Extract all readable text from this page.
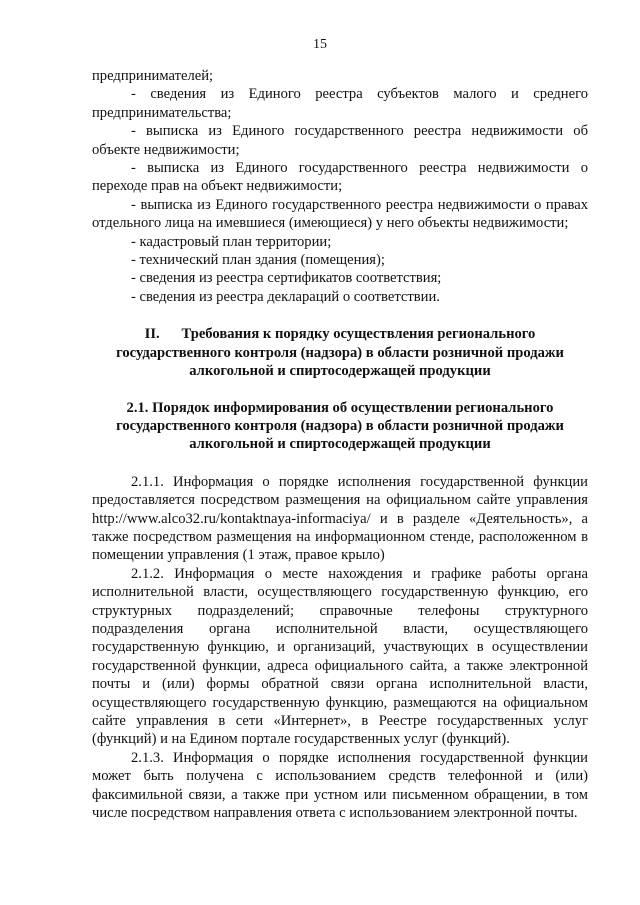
15

предпринимателей;

- сведения из Единого реестра субъектов малого и среднего предпринимательства;

- выписка из Единого государственного реестра недвижимости об объекте недвижимости;

- выписка из Единого государственного реестра недвижимости о переходе прав на объект недвижимости;

- выписка из Единого государственного реестра недвижимости о правах отдельного лица на имевшиеся (имеющиеся) у него объекты недвижимости;

- кадастровый план территории;

- технический план здания (помещения);

- сведения из реестра сертификатов соответствия;

- сведения из реестра деклараций о соответствии.

II.      Требования к порядку осуществления регионального государственного контроля (надзора) в области розничной продажи алкогольной и спиртосодержащей продукции

2.1. Порядок информирования об осуществлении регионального государственного контроля (надзора) в области розничной продажи алкогольной и спиртосодержащей продукции

2.1.1. Информация о порядке исполнения государственной функции предоставляется посредством размещения на официальном сайте управления http://www.alco32.ru/kontaktnaya-informaciya/ и в разделе «Деятельность», а также посредством размещения на информационном стенде, расположенном в помещении управления (1 этаж, правое крыло)

2.1.2. Информация о месте нахождения и графике работы органа исполнительной власти, осуществляющего государственную функцию, его структурных подразделений; справочные телефоны структурного подразделения органа исполнительной власти, осуществляющего государственную функцию, и организаций, участвующих в осуществлении государственной функции, адреса официального сайта, а также электронной почты и (или) формы обратной связи органа исполнительной власти, осуществляющего государственную функцию, размещаются на официальном сайте управления в сети «Интернет», в Реестре государственных услуг (функций) и на Едином портале государственных услуг (функций).

2.1.3. Информация о порядке исполнения государственной функции может быть получена с использованием средств телефонной и (или) факсимильной связи, а также при устном или письменном обращении, в том числе посредством направления ответа с использованием электронной почты.
